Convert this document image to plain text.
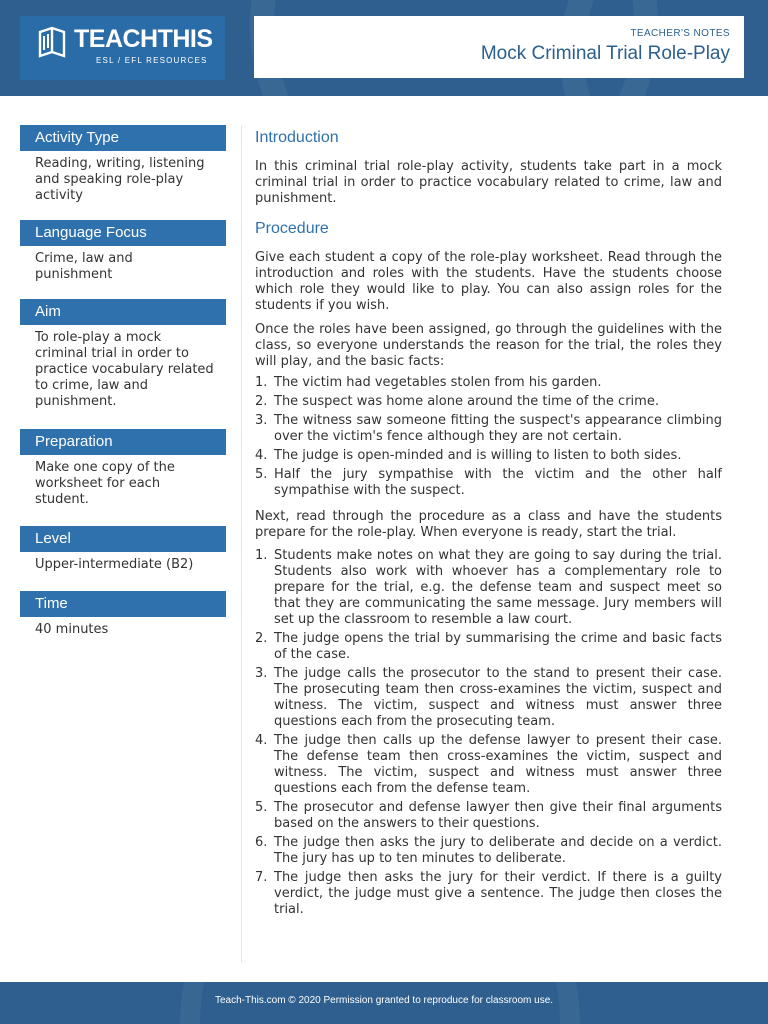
TEACHTHIS
ESL / EFL RESOURCES
TEACHER'S NOTES
Mock Criminal Trial Role-Play
Activity Type
Reading, writing, listening and speaking role-play activity
Language Focus
Crime, law and punishment
Aim
To role-play a mock criminal trial in order to practice vocabulary related to crime, law and punishment.
Preparation
Make one copy of the worksheet for each student.
Level
Upper-intermediate (B2)
Time
40 minutes
Introduction

In this criminal trial role-play activity, students take part in a mock criminal trial in order to practice vocabulary related to crime, law and punishment.

Procedure

Give each student a copy of the role-play worksheet. Read through the introduction and roles with the students. Have the students choose which role they would like to play. You can also assign roles for the students if you wish.

Once the roles have been assigned, go through the guidelines with the class, so everyone understands the reason for the trial, the roles they will play, and the basic facts:

1. The victim had vegetables stolen from his garden.
2. The suspect was home alone around the time of the crime.
3. The witness saw someone fitting the suspect's appearance climbing over the victim's fence although they are not certain.
4. The judge is open-minded and is willing to listen to both sides.
5. Half the jury sympathise with the victim and the other half sympathise with the suspect.

Next, read through the procedure as a class and have the students prepare for the role-play. When everyone is ready, start the trial.

1. Students make notes on what they are going to say during the trial. Students also work with whoever has a complementary role to prepare for the trial, e.g. the defense team and suspect meet so that they are communicating the same message. Jury members will set up the classroom to resemble a law court.
2. The judge opens the trial by summarising the crime and basic facts of the case.
3. The judge calls the prosecutor to the stand to present their case. The prosecuting team then cross-examines the victim, suspect and witness. The victim, suspect and witness must answer three questions each from the prosecuting team.
4. The judge then calls up the defense lawyer to present their case. The defense team then cross-examines the victim, suspect and witness. The victim, suspect and witness must answer three questions each from the defense team.
5. The prosecutor and defense lawyer then give their final arguments based on the answers to their questions.
6. The judge then asks the jury to deliberate and decide on a verdict. The jury has up to ten minutes to deliberate.
7. The judge then asks the jury for their verdict. If there is a guilty verdict, the judge must give a sentence. The judge then closes the trial.
Teach-This.com © 2020 Permission granted to reproduce for classroom use.
